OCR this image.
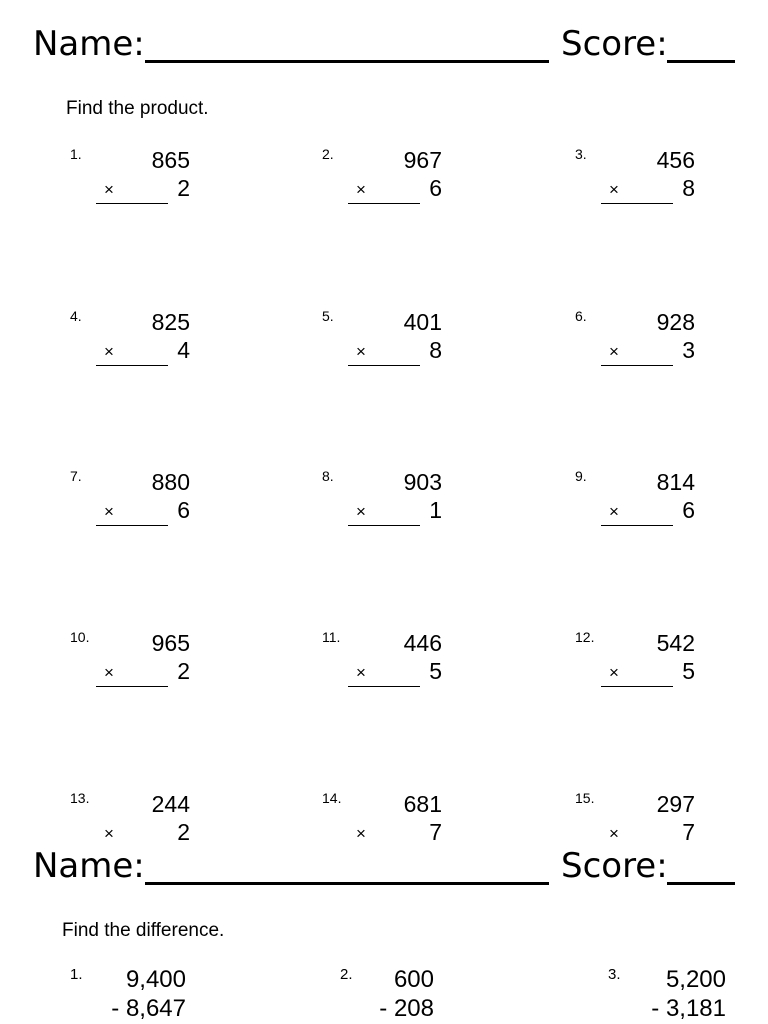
Name:	Score:
Find the product.
1.	865
×	2
2.	967
×	6
3.	456
×	8
4.	825
×	4
5.	401
×	8
6.	928
×	3
7.	880
×	6
8.	903
×	1
9.	814
×	6
10.	965
×	2
11.	446
×	5
12.	542
×	5
13.	244
×	2
14.	681
×	7
15.	297
×	7
Name:	Score:
Find the difference.
1.	9,400
- 8,647
2.	600
- 208
3.	5,200
- 3,181
